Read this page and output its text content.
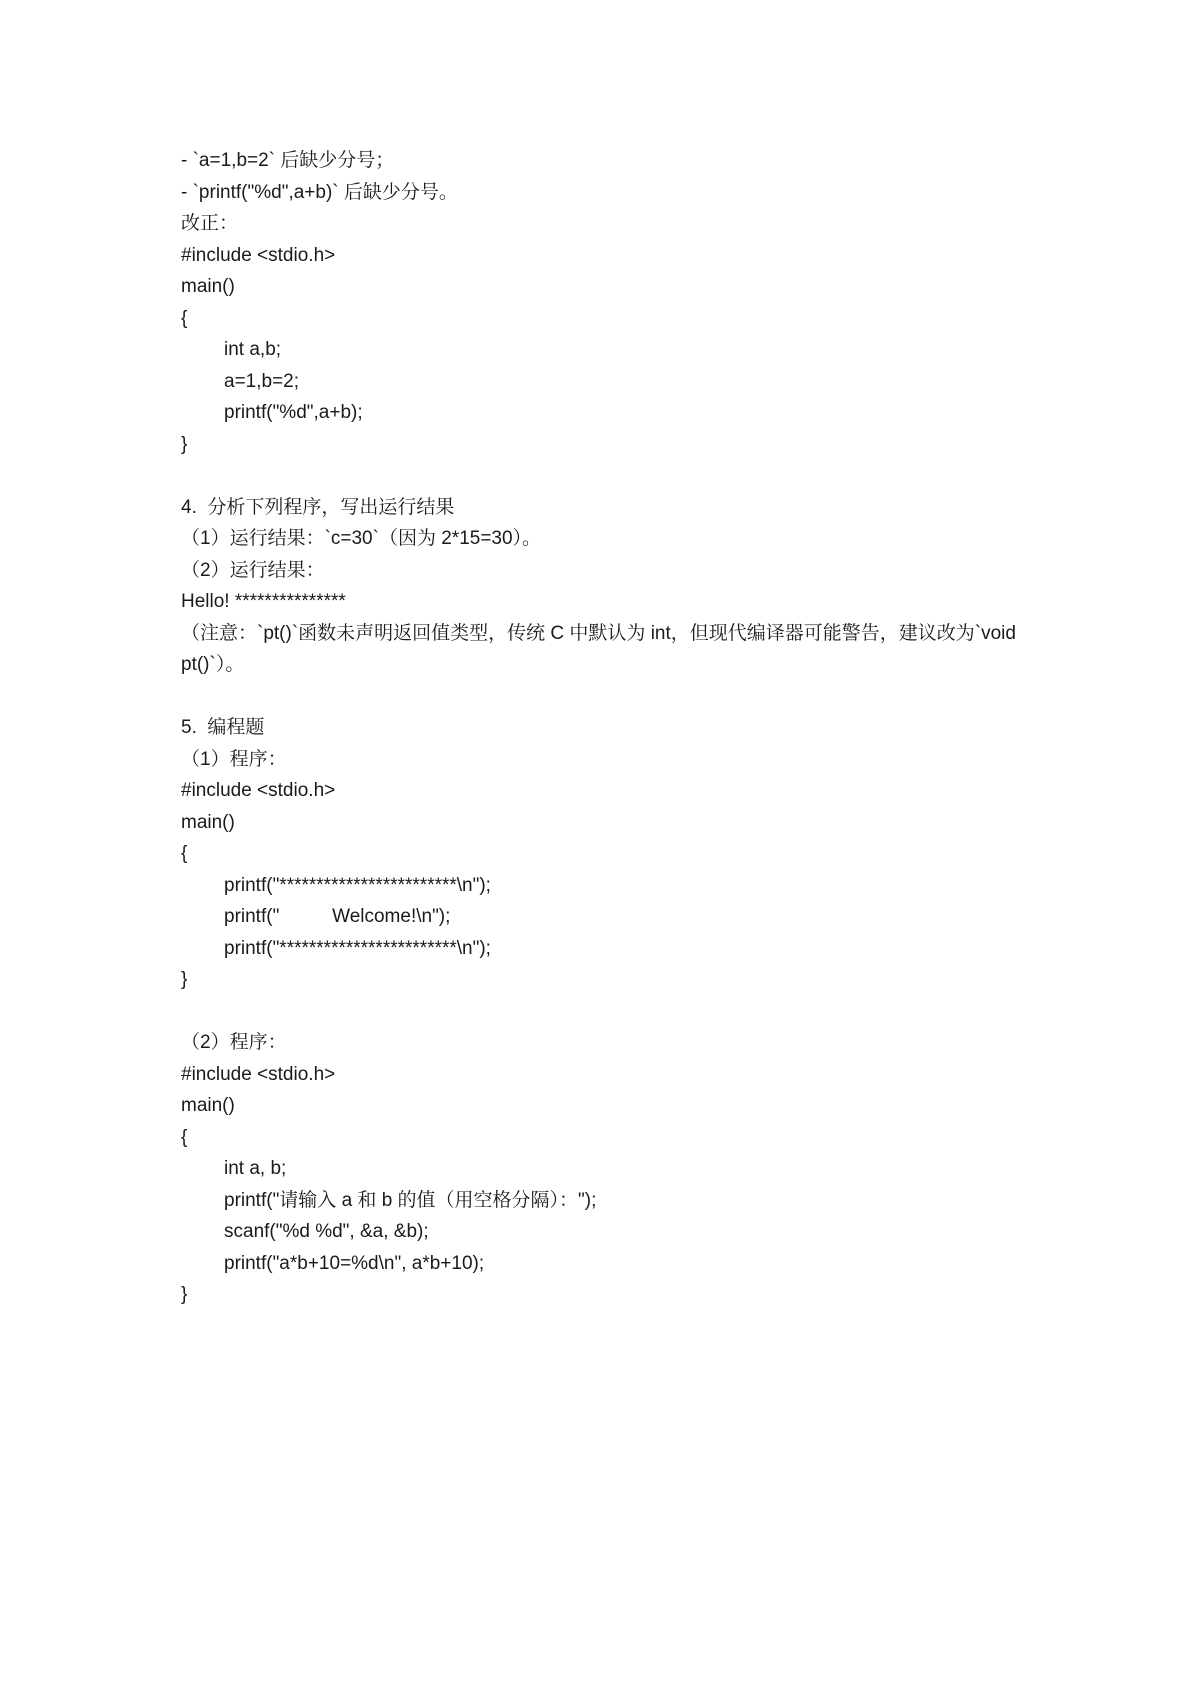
- `a=1,b=2` 后缺少分号；
- `printf("%d",a+b)` 后缺少分号。
改正：
#include <stdio.h>
main()
{
int a,b;
a=1,b=2;
printf("%d",a+b);
}
4.  分析下列程序，写出运行结果
（1）运行结果：`c=30`（因为 2*15=30）。
（2）运行结果：
Hello! ***************
（注意：`pt()`函数未声明返回值类型，传统 C 中默认为 int，但现代编译器可能警告，建议改为`void pt()`）。
5.  编程题
（1）程序：
#include <stdio.h>
main()
{
printf("************************\n");
printf("          Welcome!\n");
printf("************************\n");
}
（2）程序：
#include <stdio.h>
main()
{
int a, b;
printf("请输入 a 和 b 的值（用空格分隔）：");
scanf("%d %d", &a, &b);
printf("a*b+10=%d\n", a*b+10);
}
